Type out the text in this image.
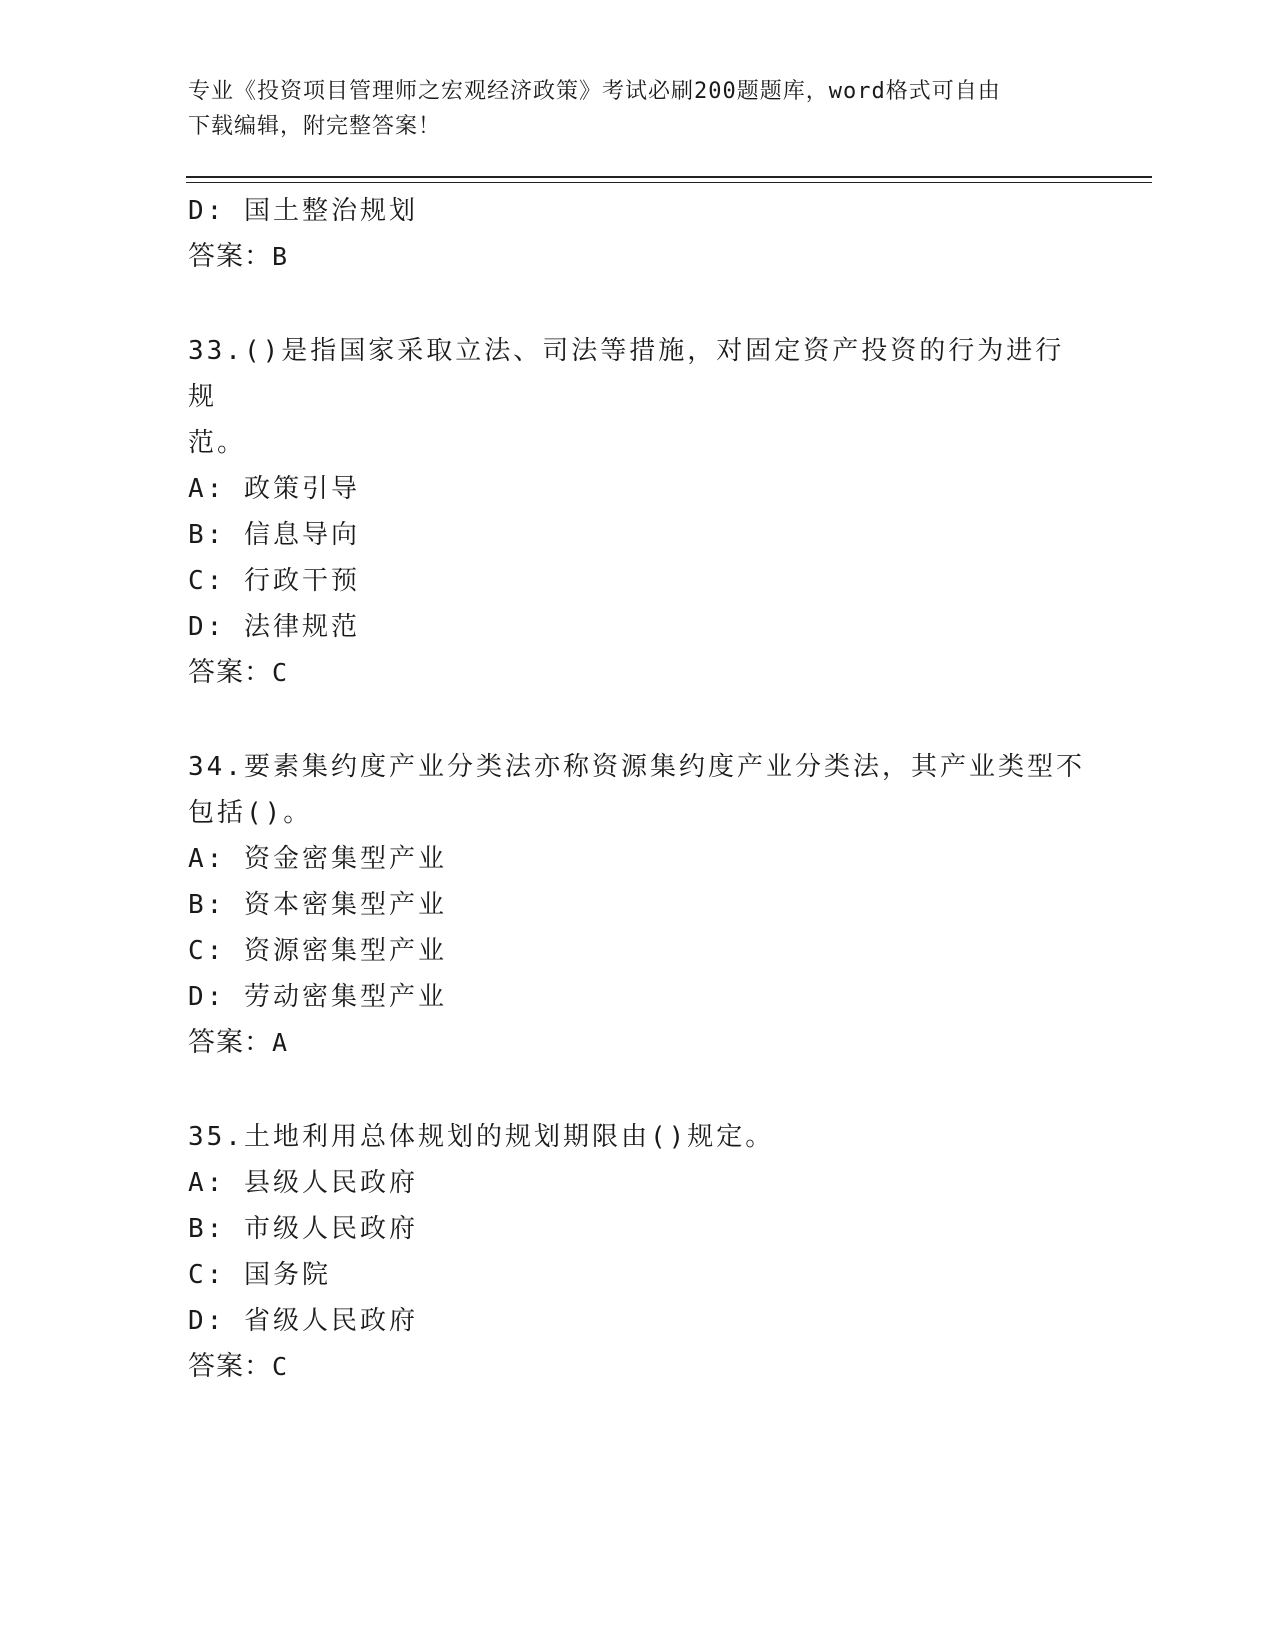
专业《投资项目管理师之宏观经济政策》考试必刷200题题库，word格式可自由
下载编辑，附完整答案！
D: 国土整治规划
答案：B
33.()是指国家采取立法、司法等措施，对固定资产投资的行为进行规
范。
A: 政策引导
B: 信息导向
C: 行政干预
D: 法律规范
答案：C
34.要素集约度产业分类法亦称资源集约度产业分类法，其产业类型不
包括()。
A: 资金密集型产业
B: 资本密集型产业
C: 资源密集型产业
D: 劳动密集型产业
答案：A
35.土地利用总体规划的规划期限由()规定。
A: 县级人民政府
B: 市级人民政府
C: 国务院
D: 省级人民政府
答案：C
